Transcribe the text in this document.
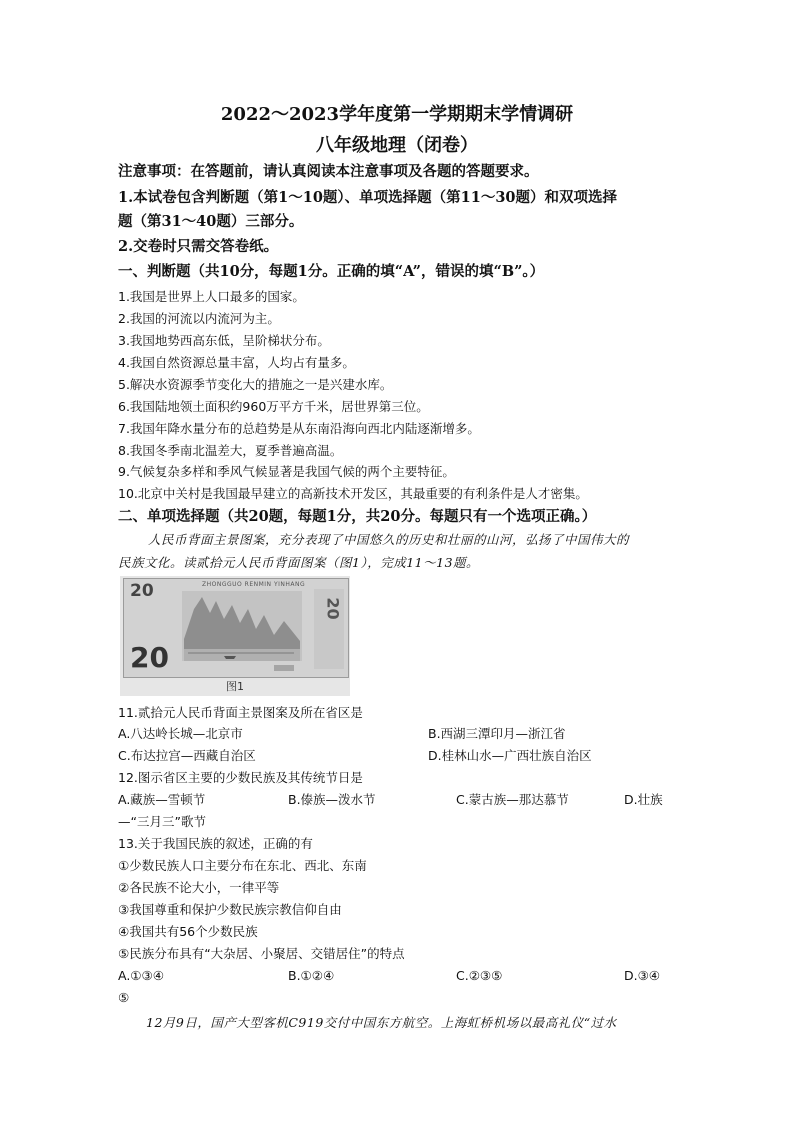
2022～2023学年度第一学期期末学情调研
八年级地理（闭卷）
注意事项：在答题前，请认真阅读本注意事项及各题的答题要求。
1.本试卷包含判断题（第1～10题）、单项选择题（第11～30题）和双项选择
题（第31～40题）三部分。
2.交卷时只需交答卷纸。
一、判断题（共10分，每题1分。正确的填“A”，错误的填“B”。）
1.我国是世界上人口最多的国家。
2.我国的河流以内流河为主。
3.我国地势西高东低，呈阶梯状分布。
4.我国自然资源总量丰富，人均占有量多。
5.解决水资源季节变化大的措施之一是兴建水库。
6.我国陆地领土面积约960万平方千米，居世界第三位。
7.我国年降水量分布的总趋势是从东南沿海向西北内陆逐渐增多。
8.我国冬季南北温差大，夏季普遍高温。
9.气候复杂多样和季风气候显著是我国气候的两个主要特征。
10.北京中关村是我国最早建立的高新技术开发区，其最重要的有利条件是人才密集。
二、单项选择题（共20题，每题1分，共20分。每题只有一个选项正确。）
人民币背面主景图案，充分表现了中国悠久的历史和壮丽的山河，弘扬了中国伟大的
民族文化。读贰拾元人民币背面图案（图1），完成11～13题。
20	ZHONGGUO RENMIN YINHANG
20
20
图1
11.贰拾元人民币背面主景图案及所在省区是
A.八达岭长城—北京市	B.西湖三潭印月—浙江省
C.布达拉宫—西藏自治区	D.桂林山水—广西壮族自治区
12.图示省区主要的少数民族及其传统节日是
A.藏族—雪顿节	B.傣族—泼水节	C.蒙古族—那达慕节	D.壮族
—“三月三”歌节
13.关于我国民族的叙述，正确的有
①少数民族人口主要分布在东北、西北、东南
②各民族不论大小，一律平等
③我国尊重和保护少数民族宗教信仰自由
④我国共有56个少数民族
⑤民族分布具有“大杂居、小聚居、交错居住”的特点
A.①③④	B.①②④	C.②③⑤	D.③④
⑤
12月9日，国产大型客机C919交付中国东方航空。上海虹桥机场以最高礼仪“过水
